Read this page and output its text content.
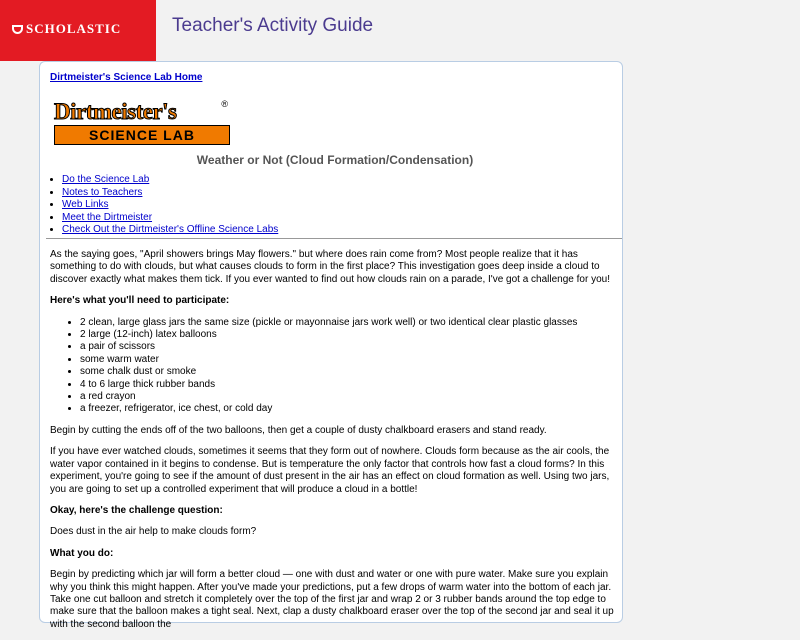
SCHOLASTIC	Teacher's Activity Guide
Dirtmeister's Science Lab Home
Dirtmeister's	®
SCIENCE LAB
Weather or Not (Cloud Formation/Condensation)
• Do the Science Lab
• Notes to Teachers
• Web Links
• Meet the Dirtmeister
• Check Out the Dirtmeister's Offline Science Labs

As the saying goes, "April showers brings May flowers." but where does rain come from? Most people realize that it has something to do with clouds, but what causes clouds to form in the first place? This investigation goes deep inside a cloud to discover exactly what makes them tick. If you ever wanted to find out how clouds rain on a parade, I've got a challenge for you!

Here's what you'll need to participate:

• 2 clean, large glass jars the same size (pickle or mayonnaise jars work well) or two identical clear plastic glasses
• 2 large (12-inch) latex balloons
• a pair of scissors
• some warm water
• some chalk dust or smoke
• 4 to 6 large thick rubber bands
• a red crayon
• a freezer, refrigerator, ice chest, or cold day

Begin by cutting the ends off of the two balloons, then get a couple of dusty chalkboard erasers and stand ready.

If you have ever watched clouds, sometimes it seems that they form out of nowhere. Clouds form because as the air cools, the water vapor contained in it begins to condense. But is temperature the only factor that controls how fast a cloud forms? In this experiment, you're going to see if the amount of dust present in the air has an effect on cloud formation as well. Using two jars, you are going to set up a controlled experiment that will produce a cloud in a bottle!

Okay, here's the challenge question:

Does dust in the air help to make clouds form?

What you do:

Begin by predicting which jar will form a better cloud — one with dust and water or one with pure water. Make sure you explain why you think this might happen. After you've made your predictions, put a few drops of warm water into the bottom of each jar. Take one cut balloon and stretch it completely over the top of the first jar and wrap 2 or 3 rubber bands around the top edge to make sure that the balloon makes a tight seal. Next, clap a dusty chalkboard eraser over the top of the second jar and seal it up with the second balloon the
